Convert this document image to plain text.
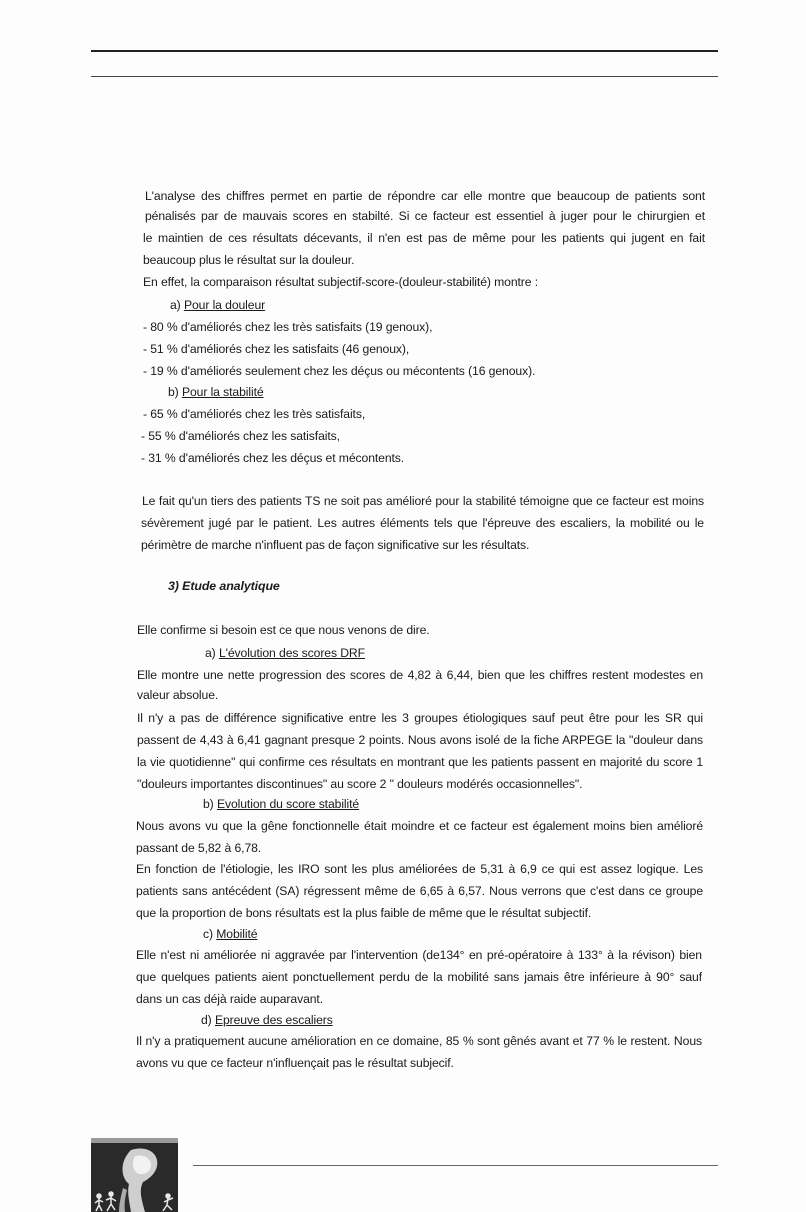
L'analyse des chiffres permet en partie de répondre car elle montre que beaucoup de patients sont
pénalisés par de mauvais scores en stabilté. Si ce facteur est essentiel à juger pour le chirurgien et
le maintien de ces résultats décevants, il n'en est pas de même pour les patients qui jugent en fait
beaucoup plus le résultat sur la douleur.
En effet, la comparaison résultat subjectif-score-(douleur-stabilité) montre :
a) Pour la douleur
- 80 % d'améliorés chez les très satisfaits (19 genoux),
- 51 % d'améliorés chez les satisfaits (46 genoux),
- 19 % d'améliorés seulement chez les déçus ou mécontents (16 genoux).
b) Pour la stabilité
- 65 % d'améliorés chez les très satisfaits,
- 55 % d'améliorés chez les satisfaits,
- 31 % d'améliorés chez les déçus et mécontents.
Le fait qu'un tiers des patients TS ne soit pas amélioré pour la stabilité témoigne que ce facteur est moins
sévèrement jugé par le patient. Les autres éléments tels que l'épreuve des escaliers, la mobilité ou le
périmètre de marche n'influent pas de façon significative sur les résultats.
3) Etude analytique
Elle confirme si besoin est ce que nous venons de dire.
a) L'évolution des scores DRF
Elle montre une nette progression des scores de 4,82 à 6,44, bien que les chiffres restent modestes en
valeur absolue.
Il n'y a pas de différence significative entre les 3 groupes étiologiques sauf peut être pour les SR qui
passent de 4,43 à 6,41 gagnant presque 2 points. Nous avons isolé de la fiche ARPEGE la "douleur dans
la vie quotidienne" qui confirme ces résultats en montrant que les patients passent en majorité du score 1
"douleurs importantes discontinues" au score 2 " douleurs modérés occasionnelles".
b) Evolution du score stabilité
Nous avons vu que la gêne fonctionnelle était moindre et ce facteur est également moins bien amélioré
passant de 5,82 à 6,78.
En fonction de l'étiologie, les IRO sont les plus améliorées de 5,31 à 6,9 ce qui est assez logique. Les
patients sans antécédent (SA) régressent même de 6,65 à 6,57. Nous verrons que c'est dans ce groupe
que la proportion de bons résultats est la plus faible de même que le résultat subjectif.
c) Mobilité
Elle n'est ni améliorée ni aggravée par l'intervention (de134° en pré-opératoire à 133° à la révison) bien
que quelques patients aient ponctuellement perdu de la mobilité sans jamais être inférieure à 90° sauf
dans un cas déjà raide auparavant.
d) Epreuve des escaliers
Il n'y a pratiquement aucune amélioration en ce domaine, 85 % sont gênés avant et 77 % le restent. Nous
avons vu que ce facteur n'influençait pas le résultat subjecif.
